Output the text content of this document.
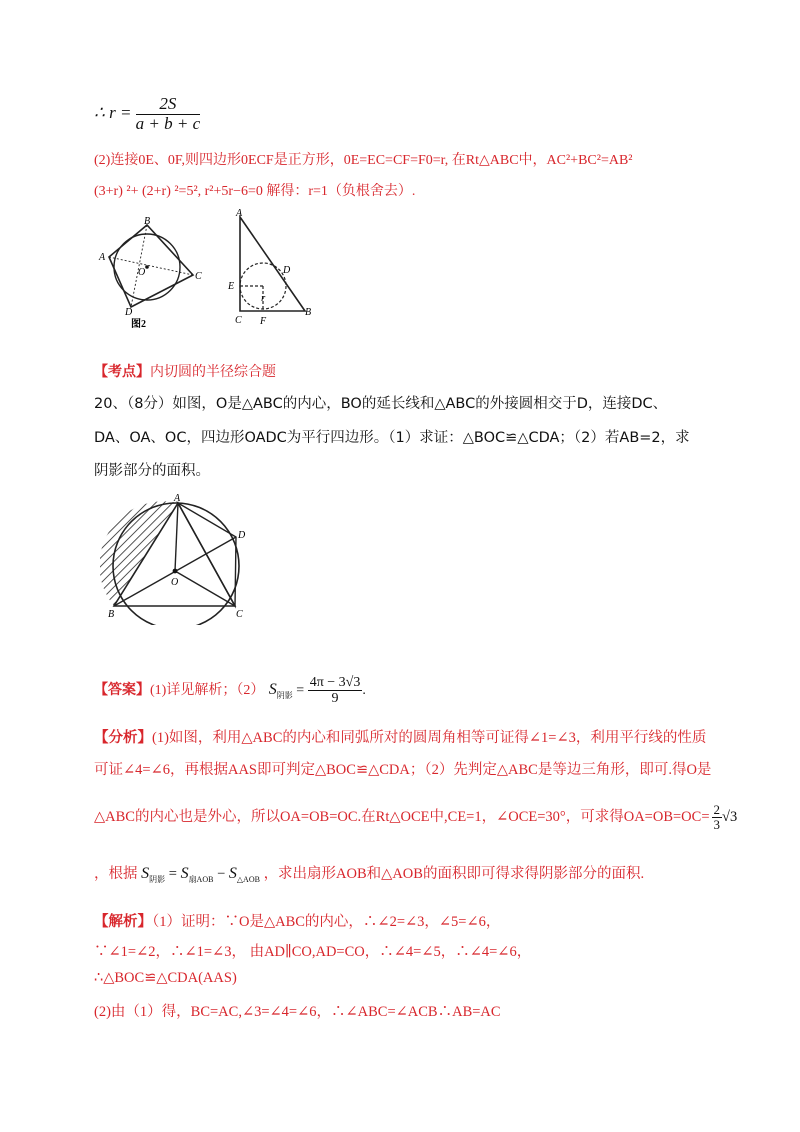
∴ $r = \frac{2S}{a + b + c}$
(2)连接0E、0F,则四边形0ECF是正方形，0E=EC=CF=F0=r, 在Rt△ABC中，AC²+BC²=AB²
(3+r) ²+ (2+r) ²=5², r²+5r−6=0 解得：r=1（负根舍去）.
B
A
C
D
O
图2
A
D
E
r
C F
B
【考点】内切圆的半径综合题
20、（8分）如图，O是△ABC的内心，BO的延长线和△ABC的外接圆相交于D，连接DC、
DA、OA、OC，四边形OADC为平行四边形。（1）求证：△BOC≌△CDA；（2）若AB=2，求
阴影部分的面积。
A
D
O
B	C
【答案】(1)详见解析；（2） $S_{阴影} = \frac{4\pi - 3√3}{9}$ .
【分析】(1)如图，利用△ABC的内心和同弧所对的圆周角相等可证得∠1=∠3，利用平行线的性质
可证∠4=∠6，再根据AAS即可判定△BOC≌△CDA；（2）先判定△ABC是等边三角形，即可.得O是
△ABC的内心也是外心，所以OA=OB=OC.在Rt△OCE中,CE=1，∠OCE=30°，可求得$OA=OB=OC= \frac{2}{3} √3$
，根据 $S_{阴影} = S_{扇AOB} - S_{\triangle AOB}$ ，求出扇形AOB和△AOB的面积即可得求得阴影部分的面积.
【解析】（1）证明：∵O是△ABC的内心，∴∠2=∠3，∠5=∠6，
∵∠1=∠2，∴∠1=∠3， 由AD∥CO,AD=CO，∴∠4=∠5，∴∠4=∠6，
∴△BOC≌△CDA(AAS)
(2)由（1）得，BC=AC,∠3=∠4=∠6，∴∠ABC=∠ACB∴AB=AC
